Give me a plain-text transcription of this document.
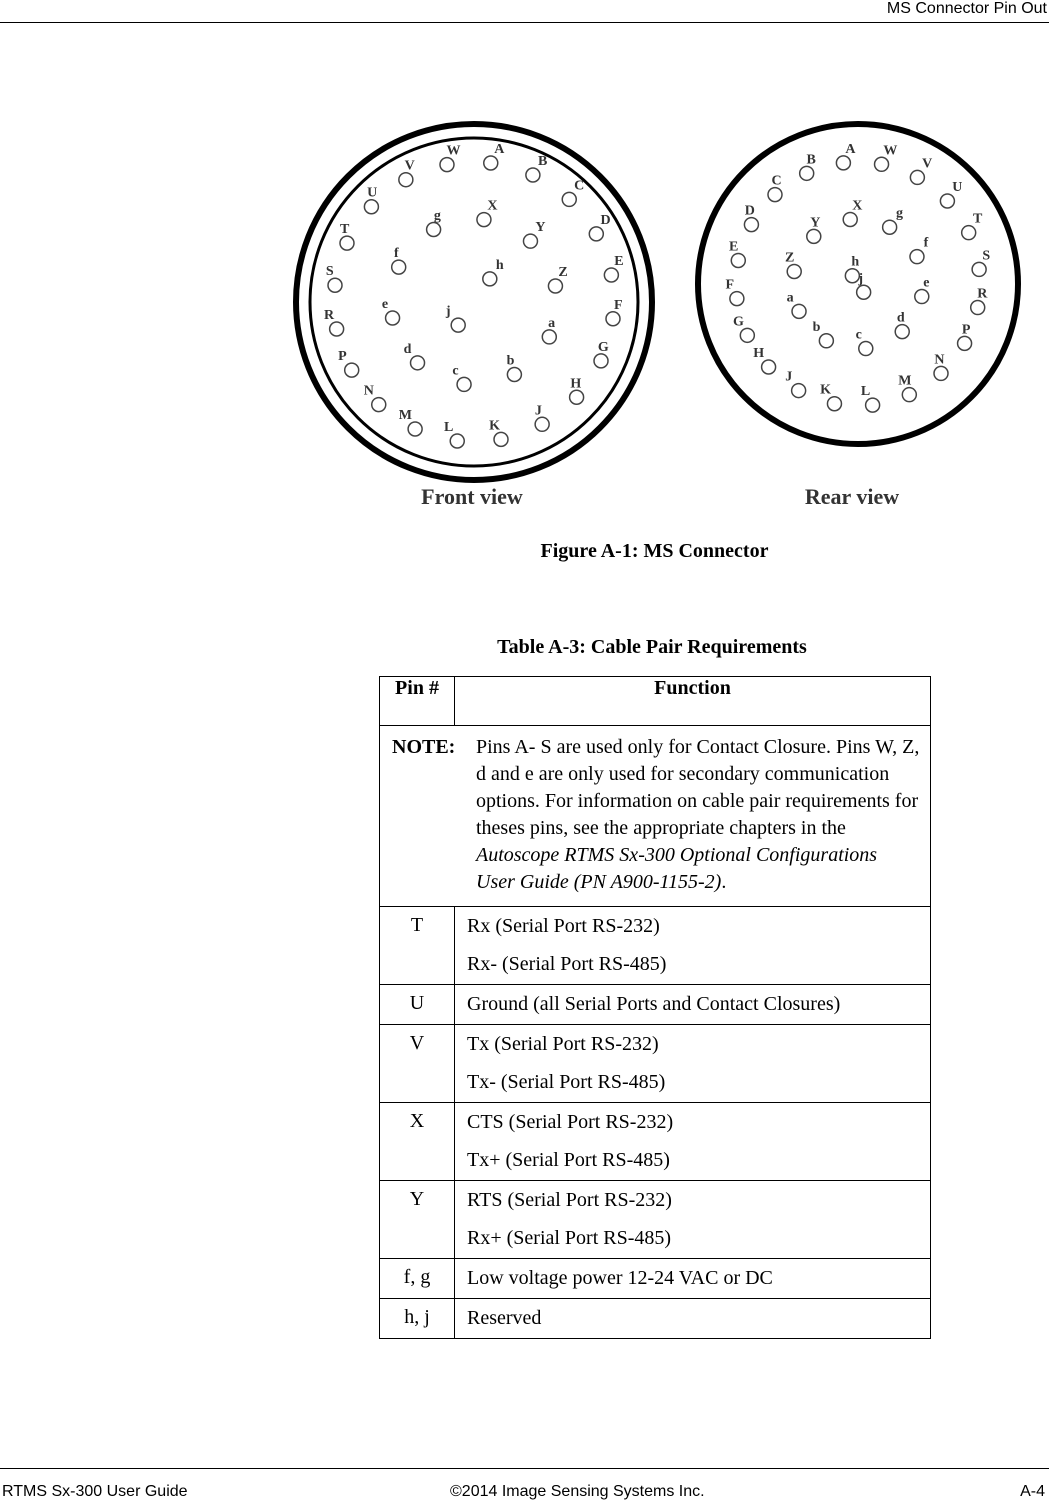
MS Connector Pin Out
A
B
C
D
E
F
G
H
J
K
L
M
N
P
R
S
T
U
V
W
X
Y
Z
a
b
c
d
e
f
g
h
j
A
B
C
D
E
F
G
H
J
K L
M
N
P
R
S
T
U
V
W
X
Y
Z
a
b
c
d
e
f
g
h
j
Front view	Rear view
Figure A-1: MS Connector
Table A-3: Cable Pair Requirements
Pin #	Function

NOTE: Pins A- S are used only for Contact Closure. Pins W, Z, d and e are only used for secondary communication options. For information on cable pair requirements for theses pins, see the appropriate chapters in the Autoscope RTMS Sx-300 Optional Configurations User Guide (PN A900-1155-2).	

T	Rx (Serial Port RS-232)
Rx- (Serial Port RS-485)

U	Ground (all Serial Ports and Contact Closures)

V	Tx (Serial Port RS-232)
Tx- (Serial Port RS-485)

X	CTS (Serial Port RS-232)
Tx+ (Serial Port RS-485)

Y	RTS (Serial Port RS-232)
Rx+ (Serial Port RS-485)

f, g	Low voltage power 12-24 VAC or DC

h, j	Reserved
RTMS Sx-300 User Guide	©2014 Image Sensing Systems Inc.	A-4
